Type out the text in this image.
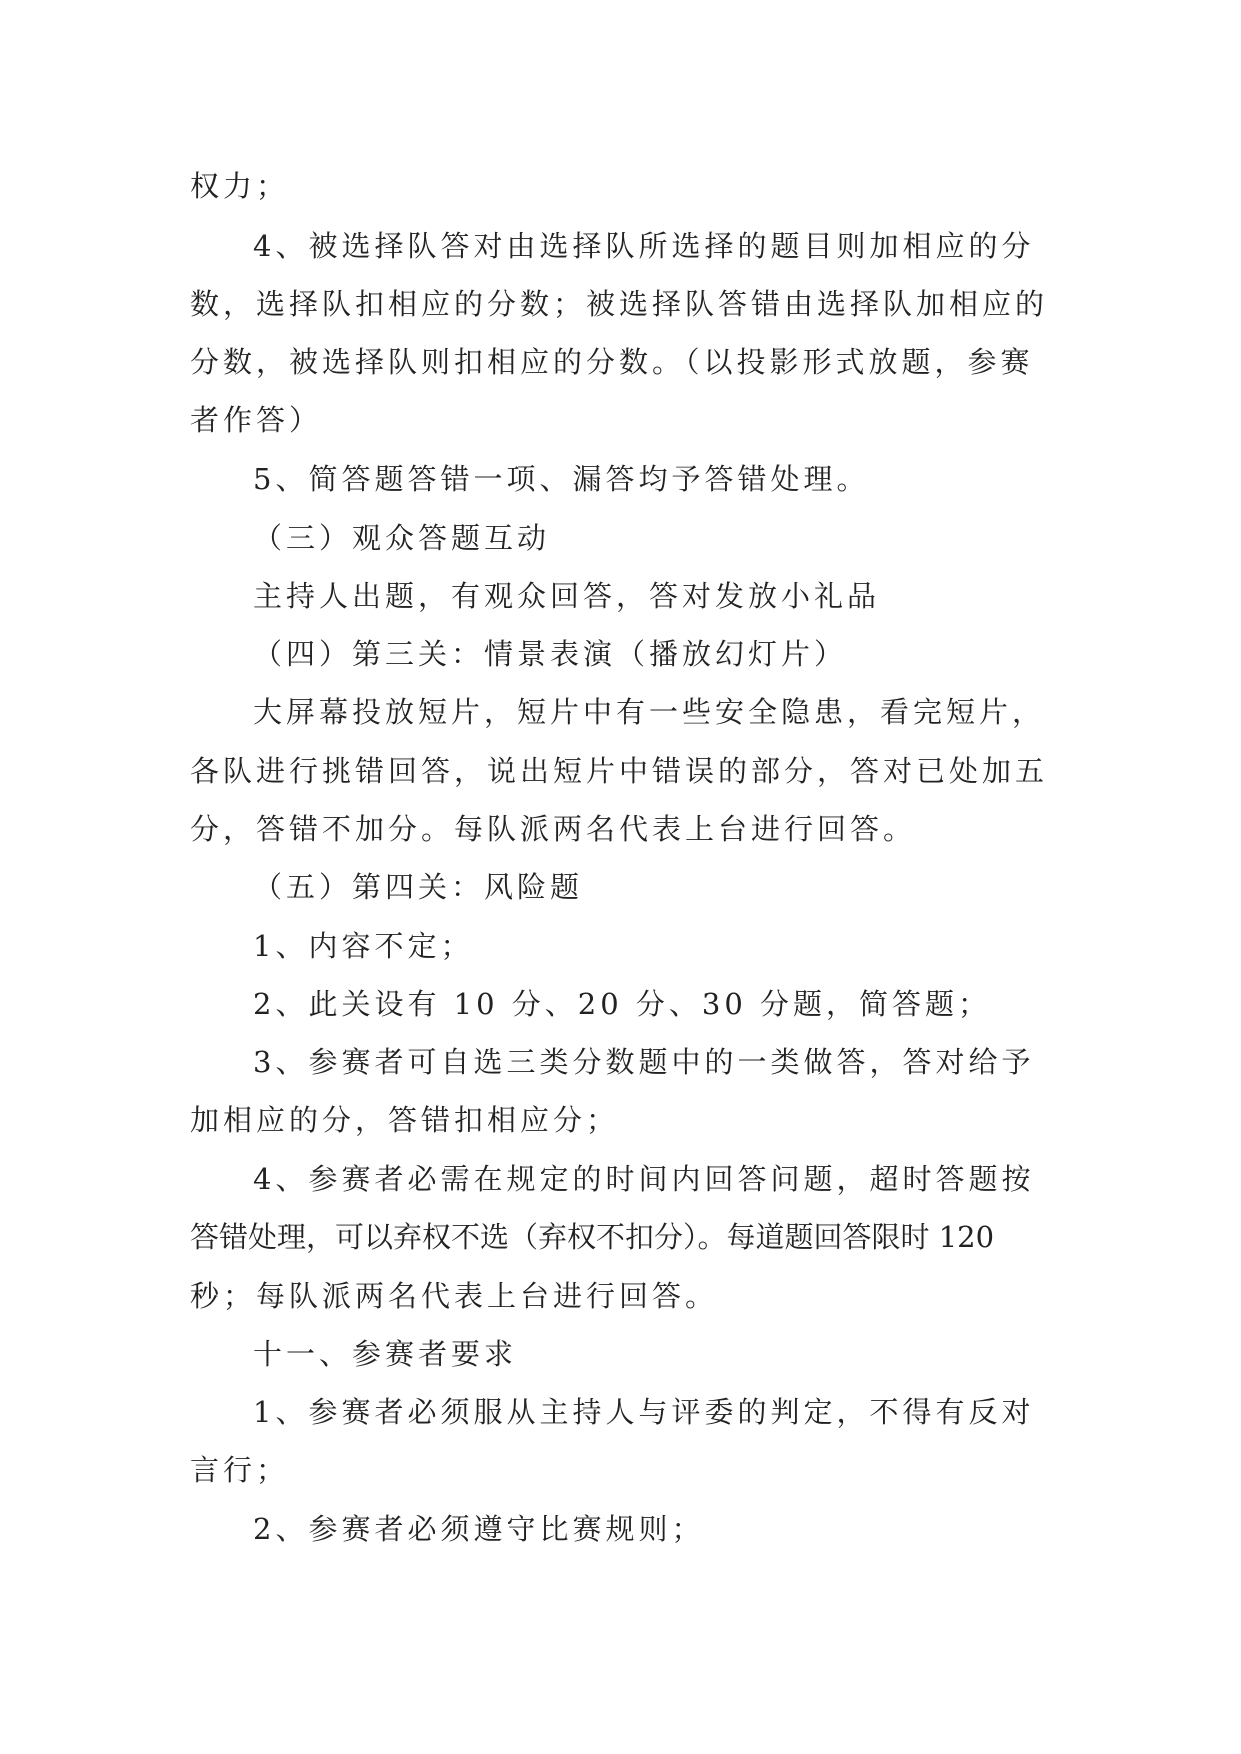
权力；
4、被选择队答对由选择队所选择的题目则加相应的分
数，选择队扣相应的分数；被选择队答错由选择队加相应的
分数，被选择队则扣相应的分数。（以投影形式放题，参赛
者作答）
5、简答题答错一项、漏答均予答错处理。
（三）观众答题互动
主持人出题，有观众回答，答对发放小礼品
（四）第三关：情景表演（播放幻灯片）
大屏幕投放短片，短片中有一些安全隐患，看完短片，
各队进行挑错回答，说出短片中错误的部分，答对已处加五
分，答错不加分。每队派两名代表上台进行回答。
（五）第四关：风险题
1、内容不定；
2、此关设有 10 分、20 分、30 分题，简答题；
3、参赛者可自选三类分数题中的一类做答，答对给予
加相应的分，答错扣相应分；
4、参赛者必需在规定的时间内回答问题，超时答题按
答错处理，可以弃权不选（弃权不扣分）。每道题回答限时 120
秒；每队派两名代表上台进行回答。
十一、参赛者要求
1、参赛者必须服从主持人与评委的判定，不得有反对
言行；
2、参赛者必须遵守比赛规则；
